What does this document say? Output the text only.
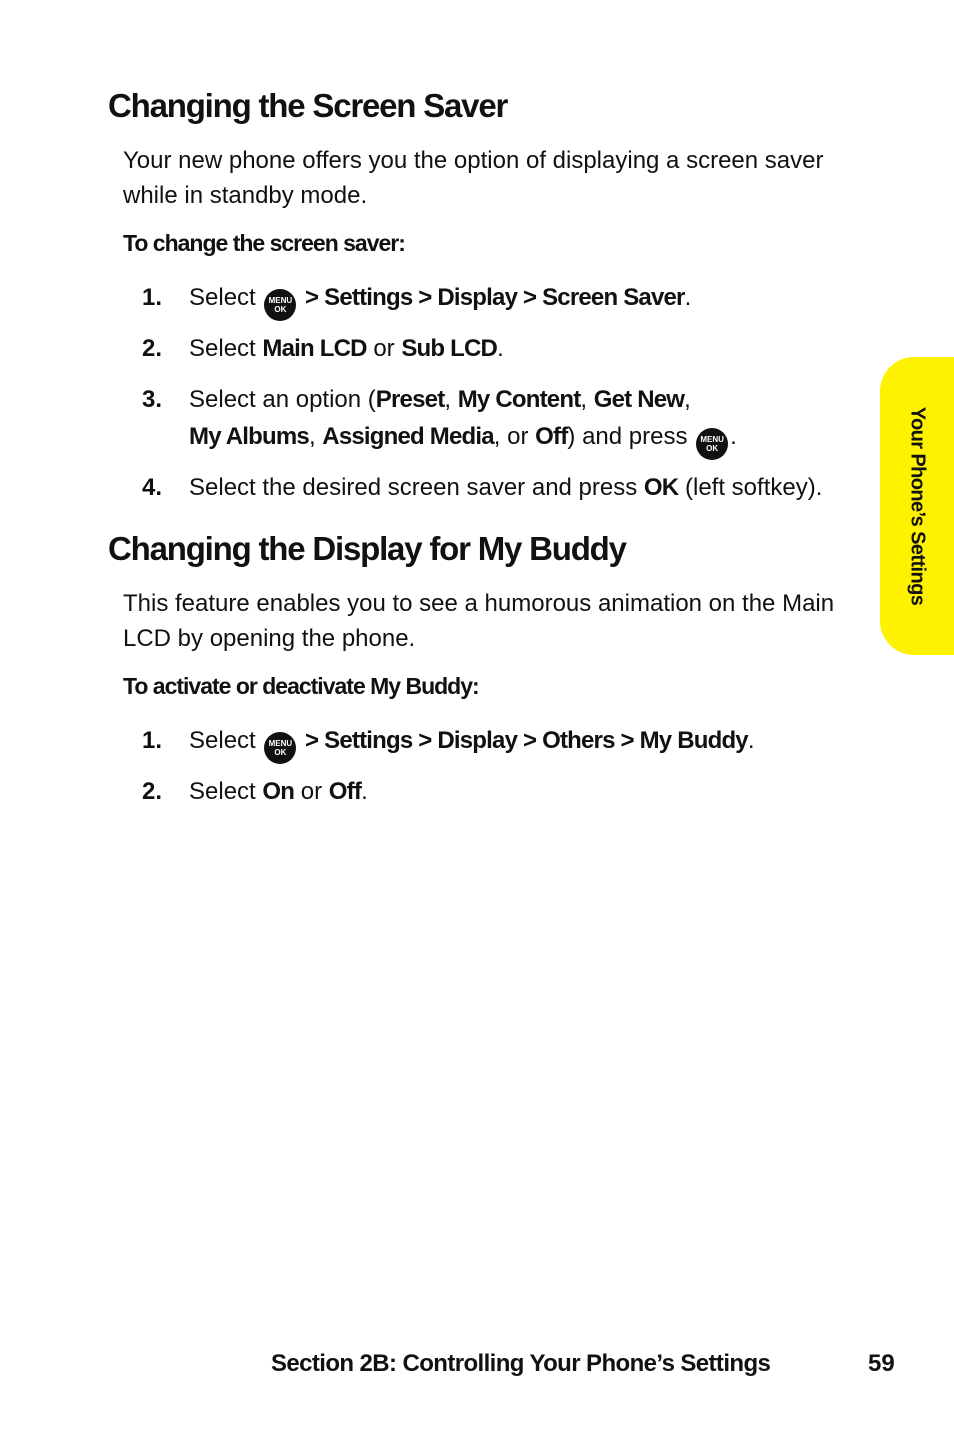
Changing the Screen Saver

Your new phone offers you the option of displaying a screen saver while in standby mode.

To change the screen saver:

1. Select	MENU
OK > Settings > Display > Screen Saver.
2. Select Main LCD or Sub LCD.
3. Select an option (Preset, My Content, Get New,
My Albums, Assigned Media, or Off) and press	MENU
OK .
4. Select the desired screen saver and press OK (left softkey).
Changing the Display for My Buddy

This feature enables you to see a humorous animation on the Main LCD by opening the phone.

To activate or deactivate My Buddy:

1. Select	MENU
OK > Settings > Display > Others > My Buddy.
2. Select On or Off.
Your Phone’s Settings
Section 2B: Controlling Your Phone’s Settings	59
